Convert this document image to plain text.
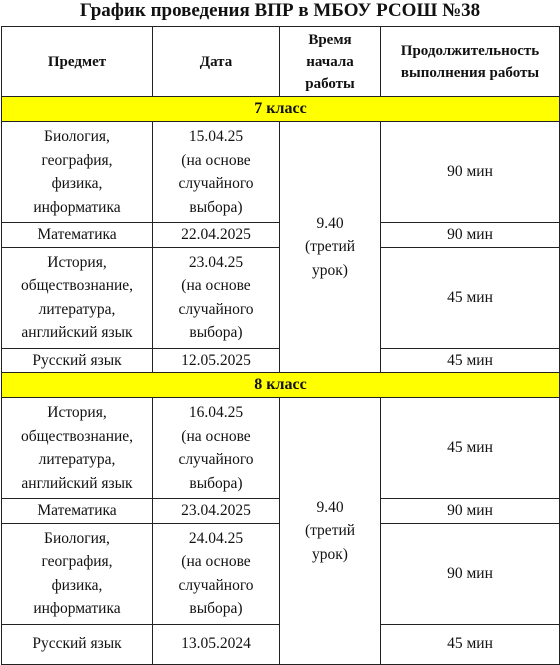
График проведения ВПР в МБОУ РСОШ №38
Предмет	Дата	Время
начала
работы	Продолжительность
выполнения работы
7 класс			
Биология,
география,
физика,
информатика	15.04.25
(на основе
случайного
выбора)	9.40
(третий
урок)	90 мин
Математика	22.04.2025		90 мин
История,
обществознание,
литература,
английский язык	23.04.25
(на основе
случайного
выбора)		45 мин
Русский язык	12.05.2025		45 мин
8 класс			
История,
обществознание,
литература,
английский язык	16.04.25
(на основе
случайного
выбора)	9.40
(третий
урок)	45 мин
Математика	23.04.2025		90 мин
Биология,
география,
физика,
информатика	24.04.25
(на основе
случайного
выбора)		90 мин
Русский язык	13.05.2024		45 мин
